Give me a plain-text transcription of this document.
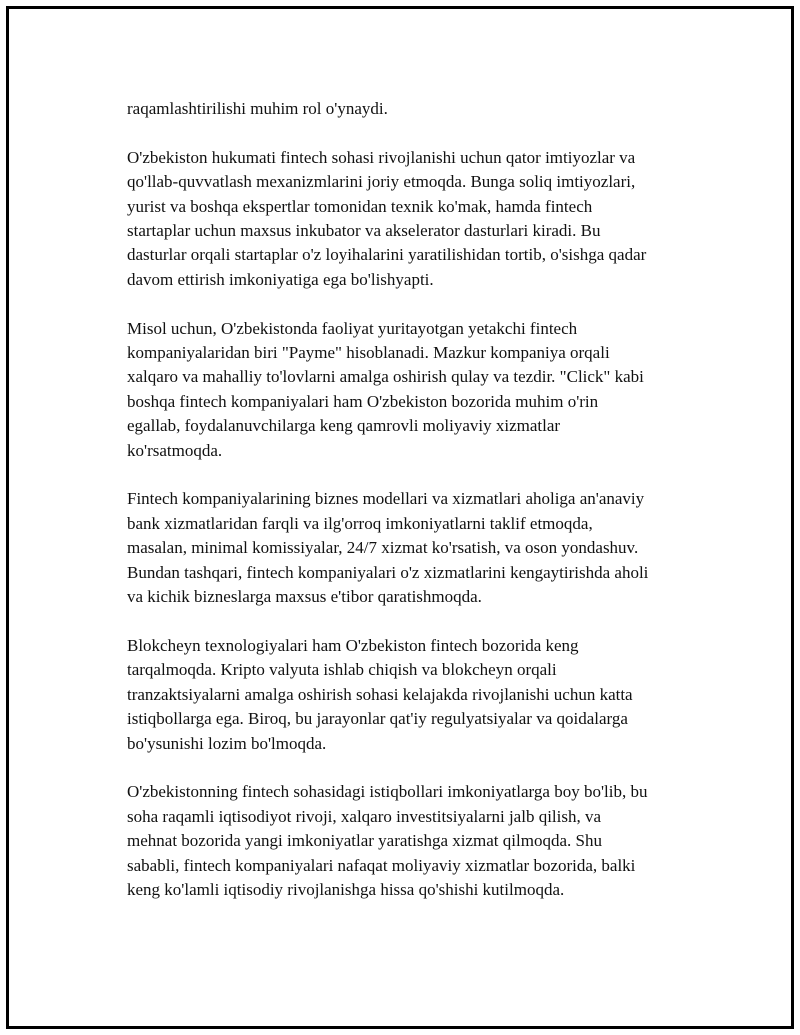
raqamlashtirilishi muhim rol o'ynaydi.

O'zbekiston hukumati fintech sohasi rivojlanishi uchun qator imtiyozlar va
qo'llab-quvvatlash mexanizmlarini joriy etmoqda. Bunga soliq imtiyozlari,
yurist va boshqa ekspertlar tomonidan texnik ko'mak, hamda fintech
startaplar uchun maxsus inkubator va akselerator dasturlari kiradi. Bu
dasturlar orqali startaplar o'z loyihalarini yaratilishidan tortib, o'sishga qadar
davom ettirish imkoniyatiga ega bo'lishyapti.

Misol uchun, O'zbekistonda faoliyat yuritayotgan yetakchi fintech
kompaniyalaridan biri "Payme" hisoblanadi. Mazkur kompaniya orqali
xalqaro va mahalliy to'lovlarni amalga oshirish qulay va tezdir. "Click" kabi
boshqa fintech kompaniyalari ham O'zbekiston bozorida muhim o'rin
egallab, foydalanuvchilarga keng qamrovli moliyaviy xizmatlar
ko'rsatmoqda.

Fintech kompaniyalarining biznes modellari va xizmatlari aholiga an'anaviy
bank xizmatlaridan farqli va ilg'orroq imkoniyatlarni taklif etmoqda,
masalan, minimal komissiyalar, 24/7 xizmat ko'rsatish, va oson yondashuv.
Bundan tashqari, fintech kompaniyalari o'z xizmatlarini kengaytirishda aholi
va kichik bizneslarga maxsus e'tibor qaratishmoqda.

Blokcheyn texnologiyalari ham O'zbekiston fintech bozorida keng
tarqalmoqda. Kripto valyuta ishlab chiqish va blokcheyn orqali
tranzaktsiyalarni amalga oshirish sohasi kelajakda rivojlanishi uchun katta
istiqbollarga ega. Biroq, bu jarayonlar qat'iy regulyatsiyalar va qoidalarga
bo'ysunishi lozim bo'lmoqda.

O'zbekistonning fintech sohasidagi istiqbollari imkoniyatlarga boy bo'lib, bu
soha raqamli iqtisodiyot rivoji, xalqaro investitsiyalarni jalb qilish, va
mehnat bozorida yangi imkoniyatlar yaratishga xizmat qilmoqda. Shu
sababli, fintech kompaniyalari nafaqat moliyaviy xizmatlar bozorida, balki
keng ko'lamli iqtisodiy rivojlanishga hissa qo'shishi kutilmoqda.
